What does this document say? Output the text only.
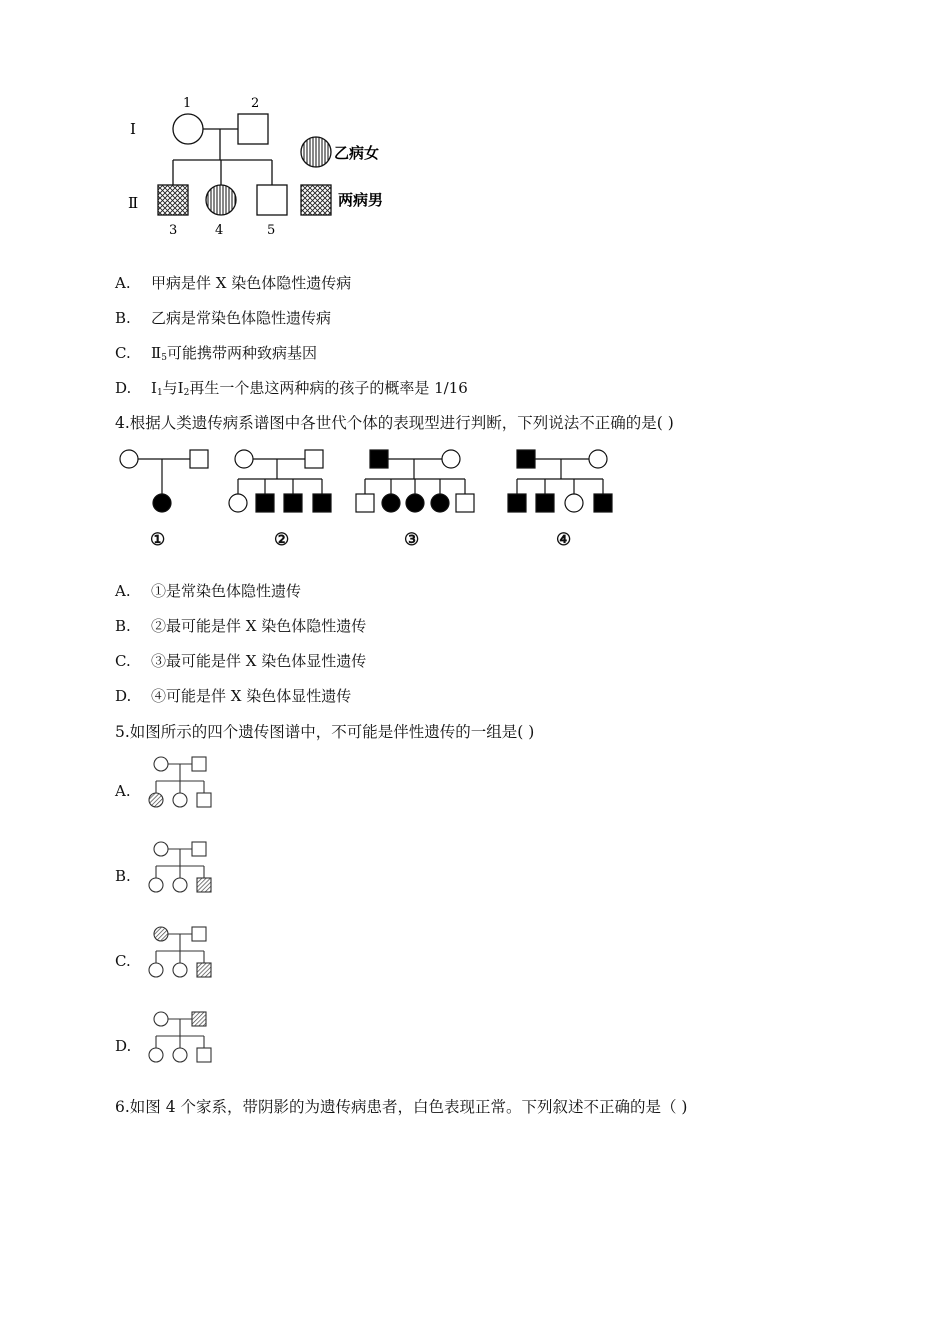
Ⅰ
Ⅱ
1	2
3	4	5
乙病女
两病男
A. 甲病是伴 X 染色体隐性遗传病
B. 乙病是常染色体隐性遗传病
C. $Ⅱ_5$可能携带两种致病基因
D. $Ⅰ_1$与$Ⅰ_2$再生一个患这两种病的孩子的概率是 1/16
4.根据人类遗传病系谱图中各世代个体的表现型进行判断，下列说法不正确的是( )
①	②	③	④
A. ①是常染色体隐性遗传
B. ②最可能是伴 X 染色体隐性遗传
C. ③最可能是伴 X 染色体显性遗传
D. ④可能是伴 X 染色体显性遗传
5.如图所示的四个遗传图谱中，不可能是伴性遗传的一组是( )
A.
B.
C.
D.
6.如图 4 个家系，带阴影的为遗传病患者，白色表现正常。下列叙述不正确的是（ )
